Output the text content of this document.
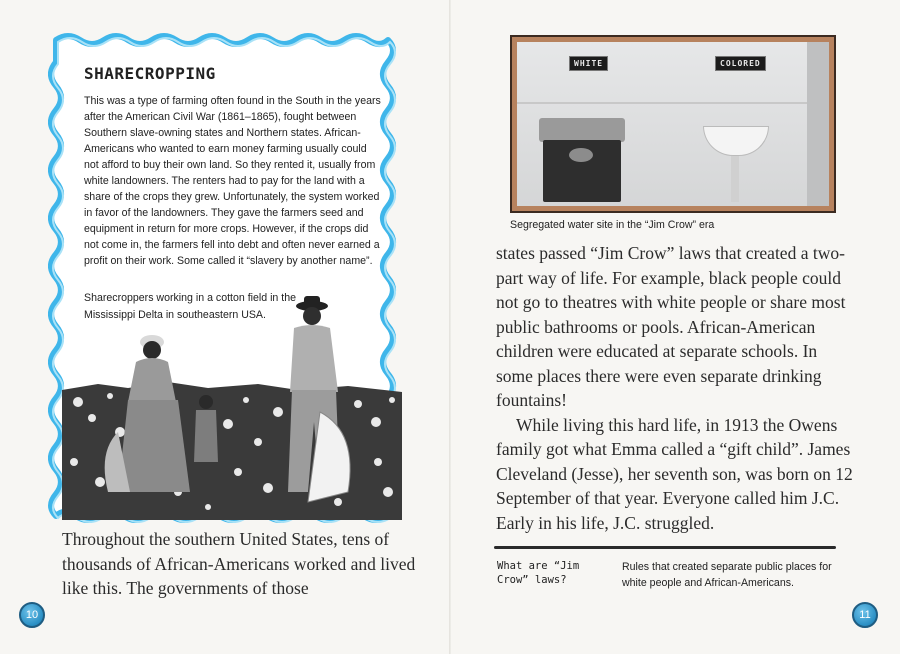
SHARECROPPING

This was a type of farming often found in the South in the years after the American Civil War (1861–1865), fought between Southern slave-owning states and Northern states. African-Americans who wanted to earn money farming usually could not afford to buy their own land. So they rented it, usually from white landowners. The renters had to pay for the land with a share of the crops they grew. Unfortunately, the system worked in favor of the landowners. They gave the farmers seed and equipment in return for more crops. However, if the crops did not come in, the farmers fell into debt and often never earned a profit on their work. Some called it “slavery by another name”.

Sharecroppers working in a cotton field in the Mississippi Delta in southeastern USA.

Throughout the southern United States, tens of thousands of African-Americans worked and lived like this. The governments of those

10
WHITE	COLORED

Segregated water site in the “Jim Crow” era

states passed “Jim Crow” laws that created a two-part way of life. For example, black people could not go to theatres with white people or share most public bathrooms or pools. African-American children were educated at separate schools. In some places there were even separate drinking fountains!

While living this hard life, in 1913 the Owens family got what Emma called a “gift child”. James Cleveland (Jesse), her seventh son, was born on 12 September of that year. Everyone called him J.C. Early in his life, J.C. struggled.

What are “Jim Crow” laws?

Rules that created separate public places for white people and African-Americans.

11
